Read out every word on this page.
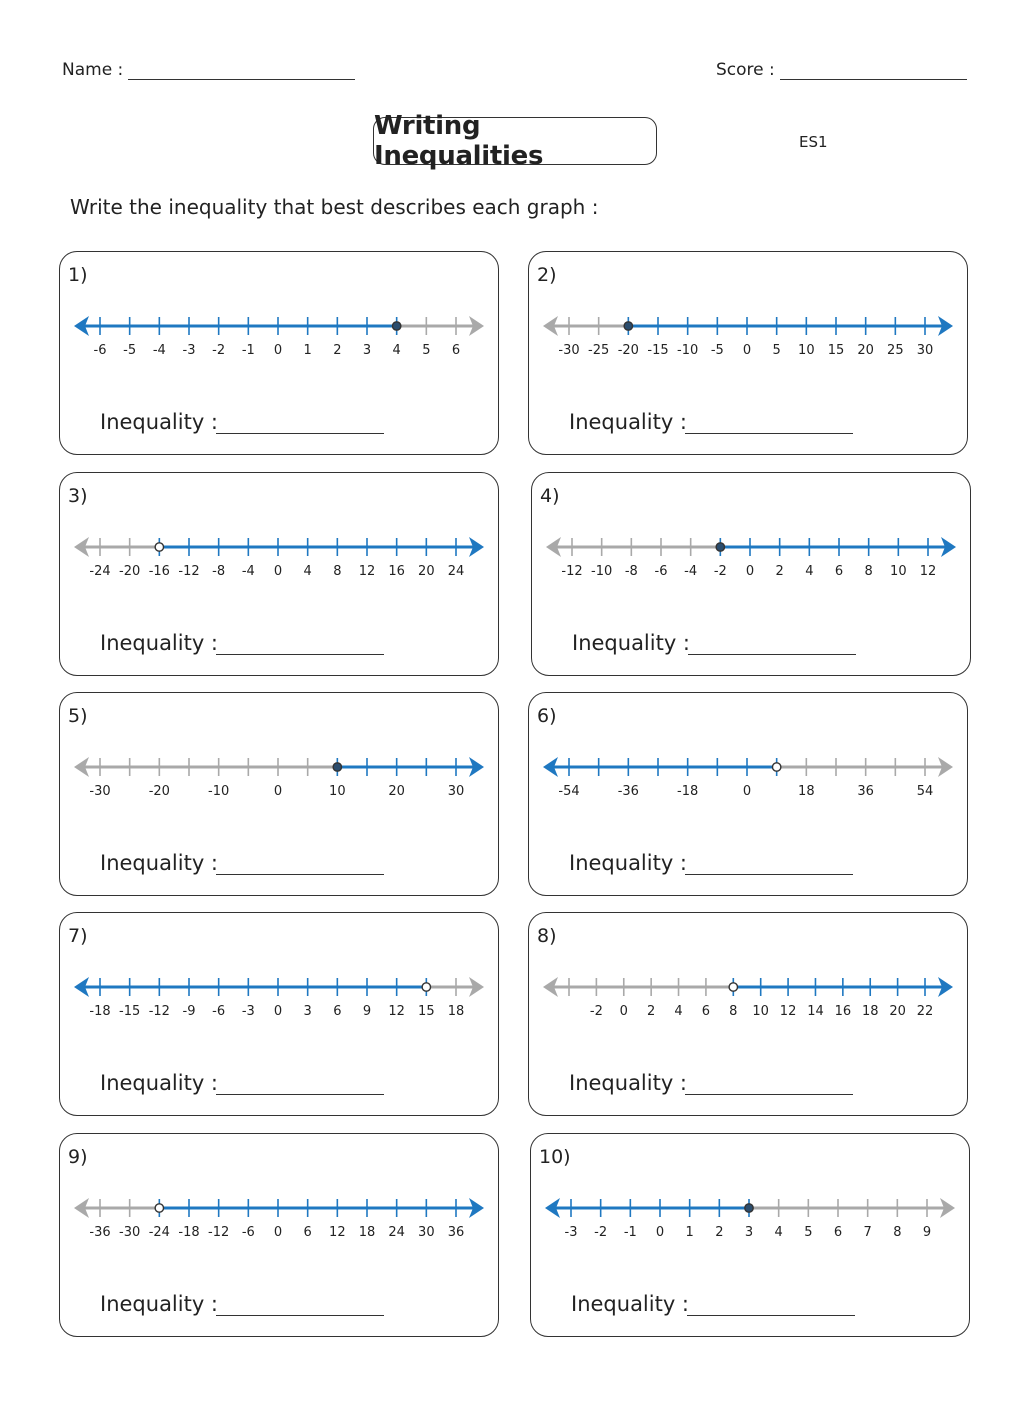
Name :	Score :
Writing Inequalities	ES1
Write the inequality that best describes each graph :
1)
-6 -5 -4 -3 -2 -1 0 1 2 3 4 5 6
Inequality :
2)
-30 -25 -20 -15 -10 -5 0 5 10 15 20 25 30
Inequality :
3)
-24 -20 -16 -12 -8 -4 0 4 8 12 16 20 24
Inequality :
4)
-12 -10 -8 -6 -4 -2 0 2 4 6 8 10 12
Inequality :
5)
-30	-20	-10	0	10	20	30
Inequality :
6)
-54	-36	-18	0	18	36	54
Inequality :
7)
-18 -15 -12 -9 -6 -3 0 3 6 9 12 15 18
Inequality :
8)
-2 0 2 4 6 8 10 12 14 16 18 20 22
Inequality :
9)
-36 -30 -24 -18 -12 -6 0 6 12 18 24 30 36
Inequality :
10)
-3 -2 -1 0 1 2 3 4 5 6 7 8 9
Inequality :
